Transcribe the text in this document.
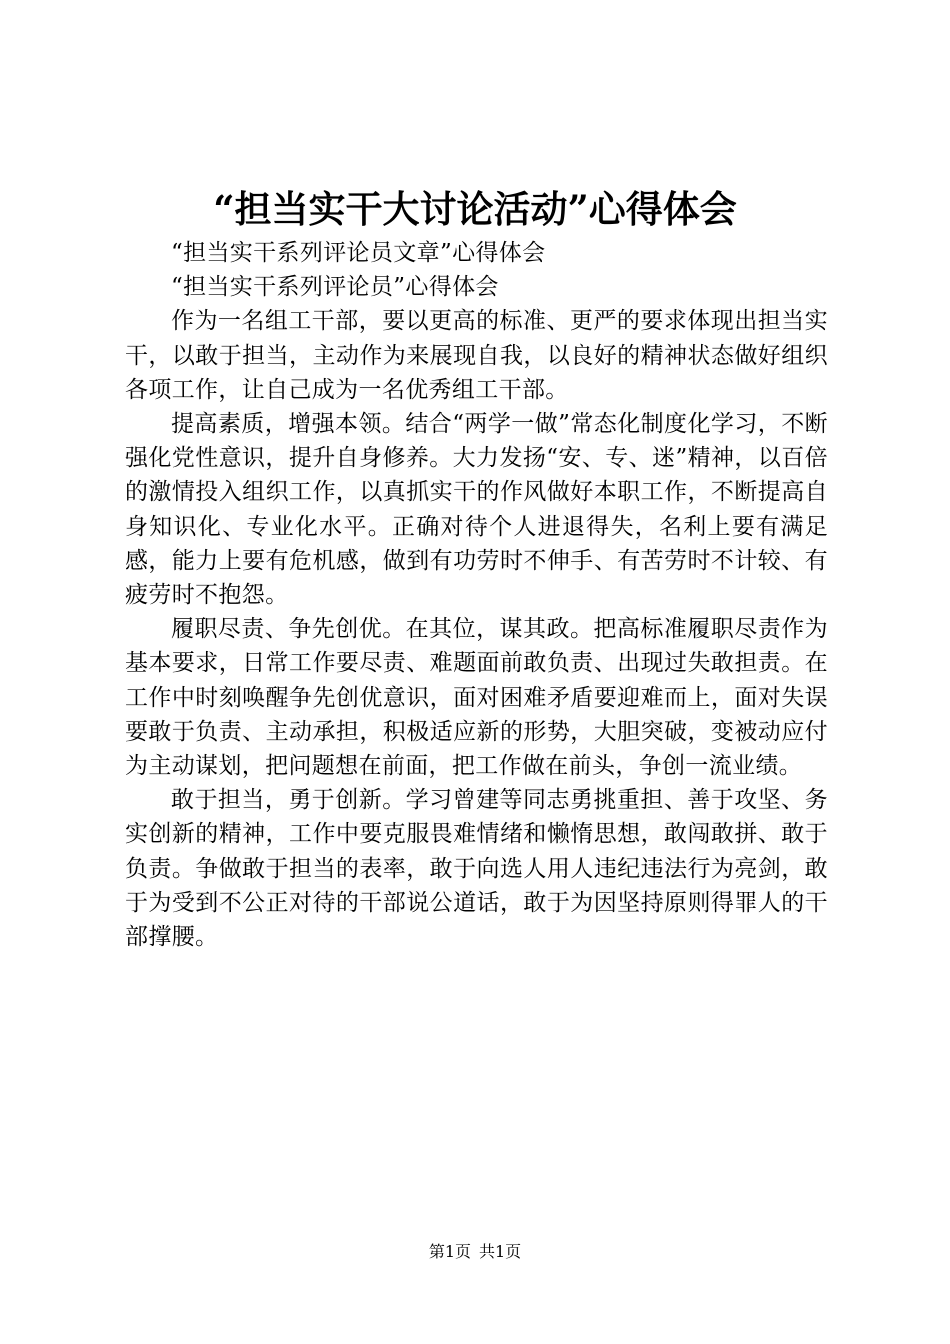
“担当实干大讨论活动”心得体会

“担当实干系列评论员文章”心得体会

“担当实干系列评论员”心得体会

作为一名组工干部，要以更高的标准、更严的要求体现出担当实干，以敢于担当，主动作为来展现自我，以良好的精神状态做好组织各项工作，让自己成为一名优秀组工干部。

提高素质，增强本领。结合“两学一做”常态化制度化学习，不断强化党性意识，提升自身修养。大力发扬“安、专、迷”精神，以百倍的激情投入组织工作，以真抓实干的作风做好本职工作，不断提高自身知识化、专业化水平。正确对待个人进退得失，名利上要有满足感，能力上要有危机感，做到有功劳时不伸手、有苦劳时不计较、有疲劳时不抱怨。

履职尽责、争先创优。在其位，谋其政。把高标准履职尽责作为基本要求，日常工作要尽责、难题面前敢负责、出现过失敢担责。在工作中时刻唤醒争先创优意识，面对困难矛盾要迎难而上，面对失误要敢于负责、主动承担，积极适应新的形势，大胆突破，变被动应付为主动谋划，把问题想在前面，把工作做在前头，争创一流业绩。

敢于担当，勇于创新。学习曾建等同志勇挑重担、善于攻坚、务实创新的精神，工作中要克服畏难情绪和懒惰思想，敢闯敢拼、敢于负责。争做敢于担当的表率，敢于向选人用人违纪违法行为亮剑，敢于为受到不公正对待的干部说公道话，敢于为因坚持原则得罪人的干部撑腰。

第1页 共1页
